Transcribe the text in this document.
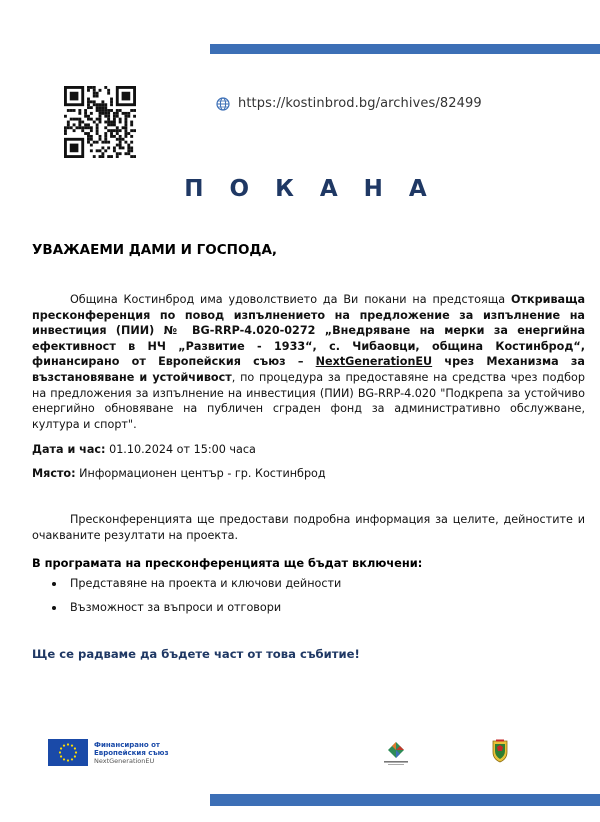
https://kostinbrod.bg/archives/82499
П О К А Н А
УВАЖАЕМИ ДАМИ И ГОСПОДА,
Община Костинброд има удоволствието да Ви покани на предстояща Откриваща пресконференция по повод изпълнението на предложение за изпълнение на инвестиция (ПИИ) № BG-RRP-4.020-0272 „Внедряване на мерки за енергийна ефективност в НЧ „Развитие - 1933“, с. Чибаовци, община Костинброд“, финансирано от Европейския съюз – NextGenerationEU чрез Механизма за възстановяване и устойчивост, по процедура за предоставяне на средства чрез подбор на предложения за изпълнение на инвестиция (ПИИ) BG-RRP-4.020 "Подкрепа за устойчиво енергийно обновяване на публичен сграден фонд за административно обслужване, култура и спорт".
Дата и час: 01.10.2024 от 15:00 часа
Място: Информационен център - гр. Костинброд
Пресконференцията ще предостави подробна информация за целите, дейностите и очакваните резултати на проекта.
В програмата на пресконференцията ще бъдат включени:
Представяне на проекта и ключови дейности
Възможност за въпроси и отговори
Ще се радваме да бъдете част от това събитие!
Финансирано от
Европейския съюз
NextGenerationEU
